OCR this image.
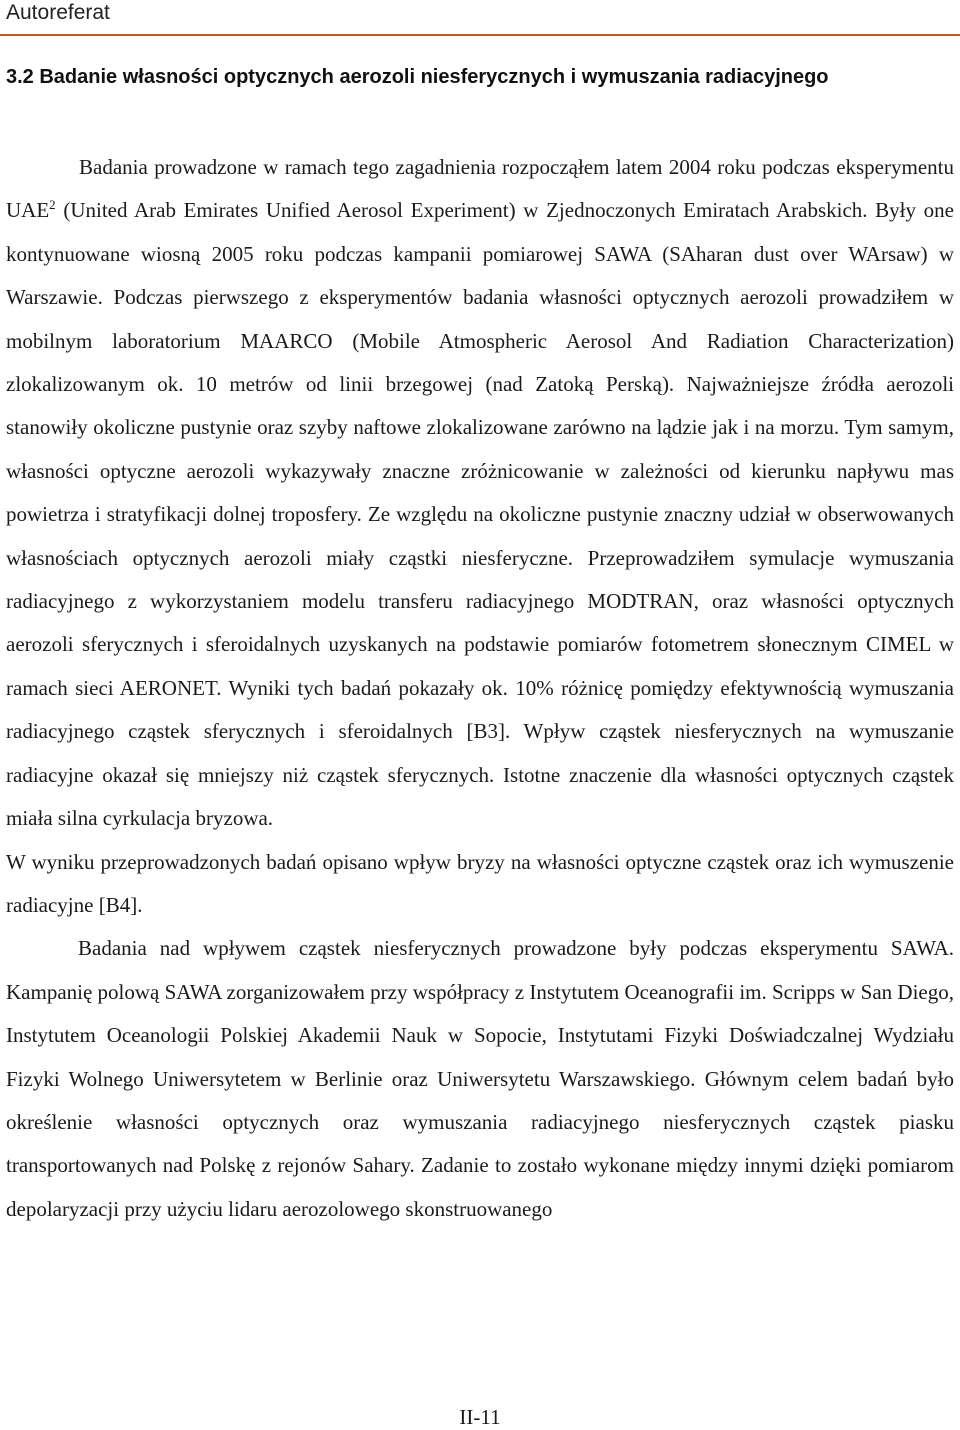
Autoreferat
3.2 Badanie własności optycznych aerozoli niesferycznych i wymuszania radiacyjnego

Badania prowadzone w ramach tego zagadnienia rozpocząłem latem 2004 roku podczas eksperymentu UAE$^2$ (United Arab Emirates Unified Aerosol Experiment) w Zjednoczonych Emiratach Arabskich. Były one kontynuowane wiosną 2005 roku podczas kampanii pomiarowej SAWA (SAharan dust over WArsaw) w Warszawie. Podczas pierwszego z eksperymentów badania własności optycznych aerozoli prowadziłem w mobilnym laboratorium MAARCO (Mobile Atmospheric Aerosol And Radiation Characterization) zlokalizowanym ok. 10 metrów od linii brzegowej (nad Zatoką Perską). Najważniejsze źródła aerozoli stanowiły okoliczne pustynie oraz szyby naftowe zlokalizowane zarówno na lądzie jak i na morzu. Tym samym, własności optyczne aerozoli wykazywały znaczne zróżnicowanie w zależności od kierunku napływu mas powietrza i stratyfikacji dolnej troposfery. Ze względu na okoliczne pustynie znaczny udział w obserwowanych własnościach optycznych aerozoli miały cząstki niesferyczne. Przeprowadziłem symulacje wymuszania radiacyjnego z wykorzystaniem modelu transferu radiacyjnego MODTRAN, oraz własności optycznych aerozoli sferycznych i sferoidalnych uzyskanych na podstawie pomiarów fotometrem słonecznym CIMEL w ramach sieci AERONET. Wyniki tych badań pokazały ok. 10% różnicę pomiędzy efektywnością wymuszania radiacyjnego cząstek sferycznych i sferoidalnych [B3]. Wpływ cząstek niesferycznych na wymuszanie radiacyjne okazał się mniejszy niż cząstek sferycznych. Istotne znaczenie dla własności optycznych cząstek miała silna cyrkulacja bryzowa.

W wyniku przeprowadzonych badań opisano wpływ bryzy na własności optyczne cząstek oraz ich wymuszenie radiacyjne [B4].

Badania nad wpływem cząstek niesferycznych prowadzone były podczas eksperymentu SAWA. Kampanię polową SAWA zorganizowałem przy współpracy z Instytutem Oceanografii im. Scripps w San Diego, Instytutem Oceanologii Polskiej Akademii Nauk w Sopocie, Instytutami Fizyki Doświadczalnej Wydziału Fizyki Wolnego Uniwersytetem w Berlinie oraz Uniwersytetu Warszawskiego. Głównym celem badań było określenie własności optycznych oraz wymuszania radiacyjnego niesferycznych cząstek piasku transportowanych nad Polskę z rejonów Sahary. Zadanie to zostało wykonane między innymi dzięki pomiarom depolaryzacji przy użyciu lidaru aerozolowego skonstruowanego

II-11
